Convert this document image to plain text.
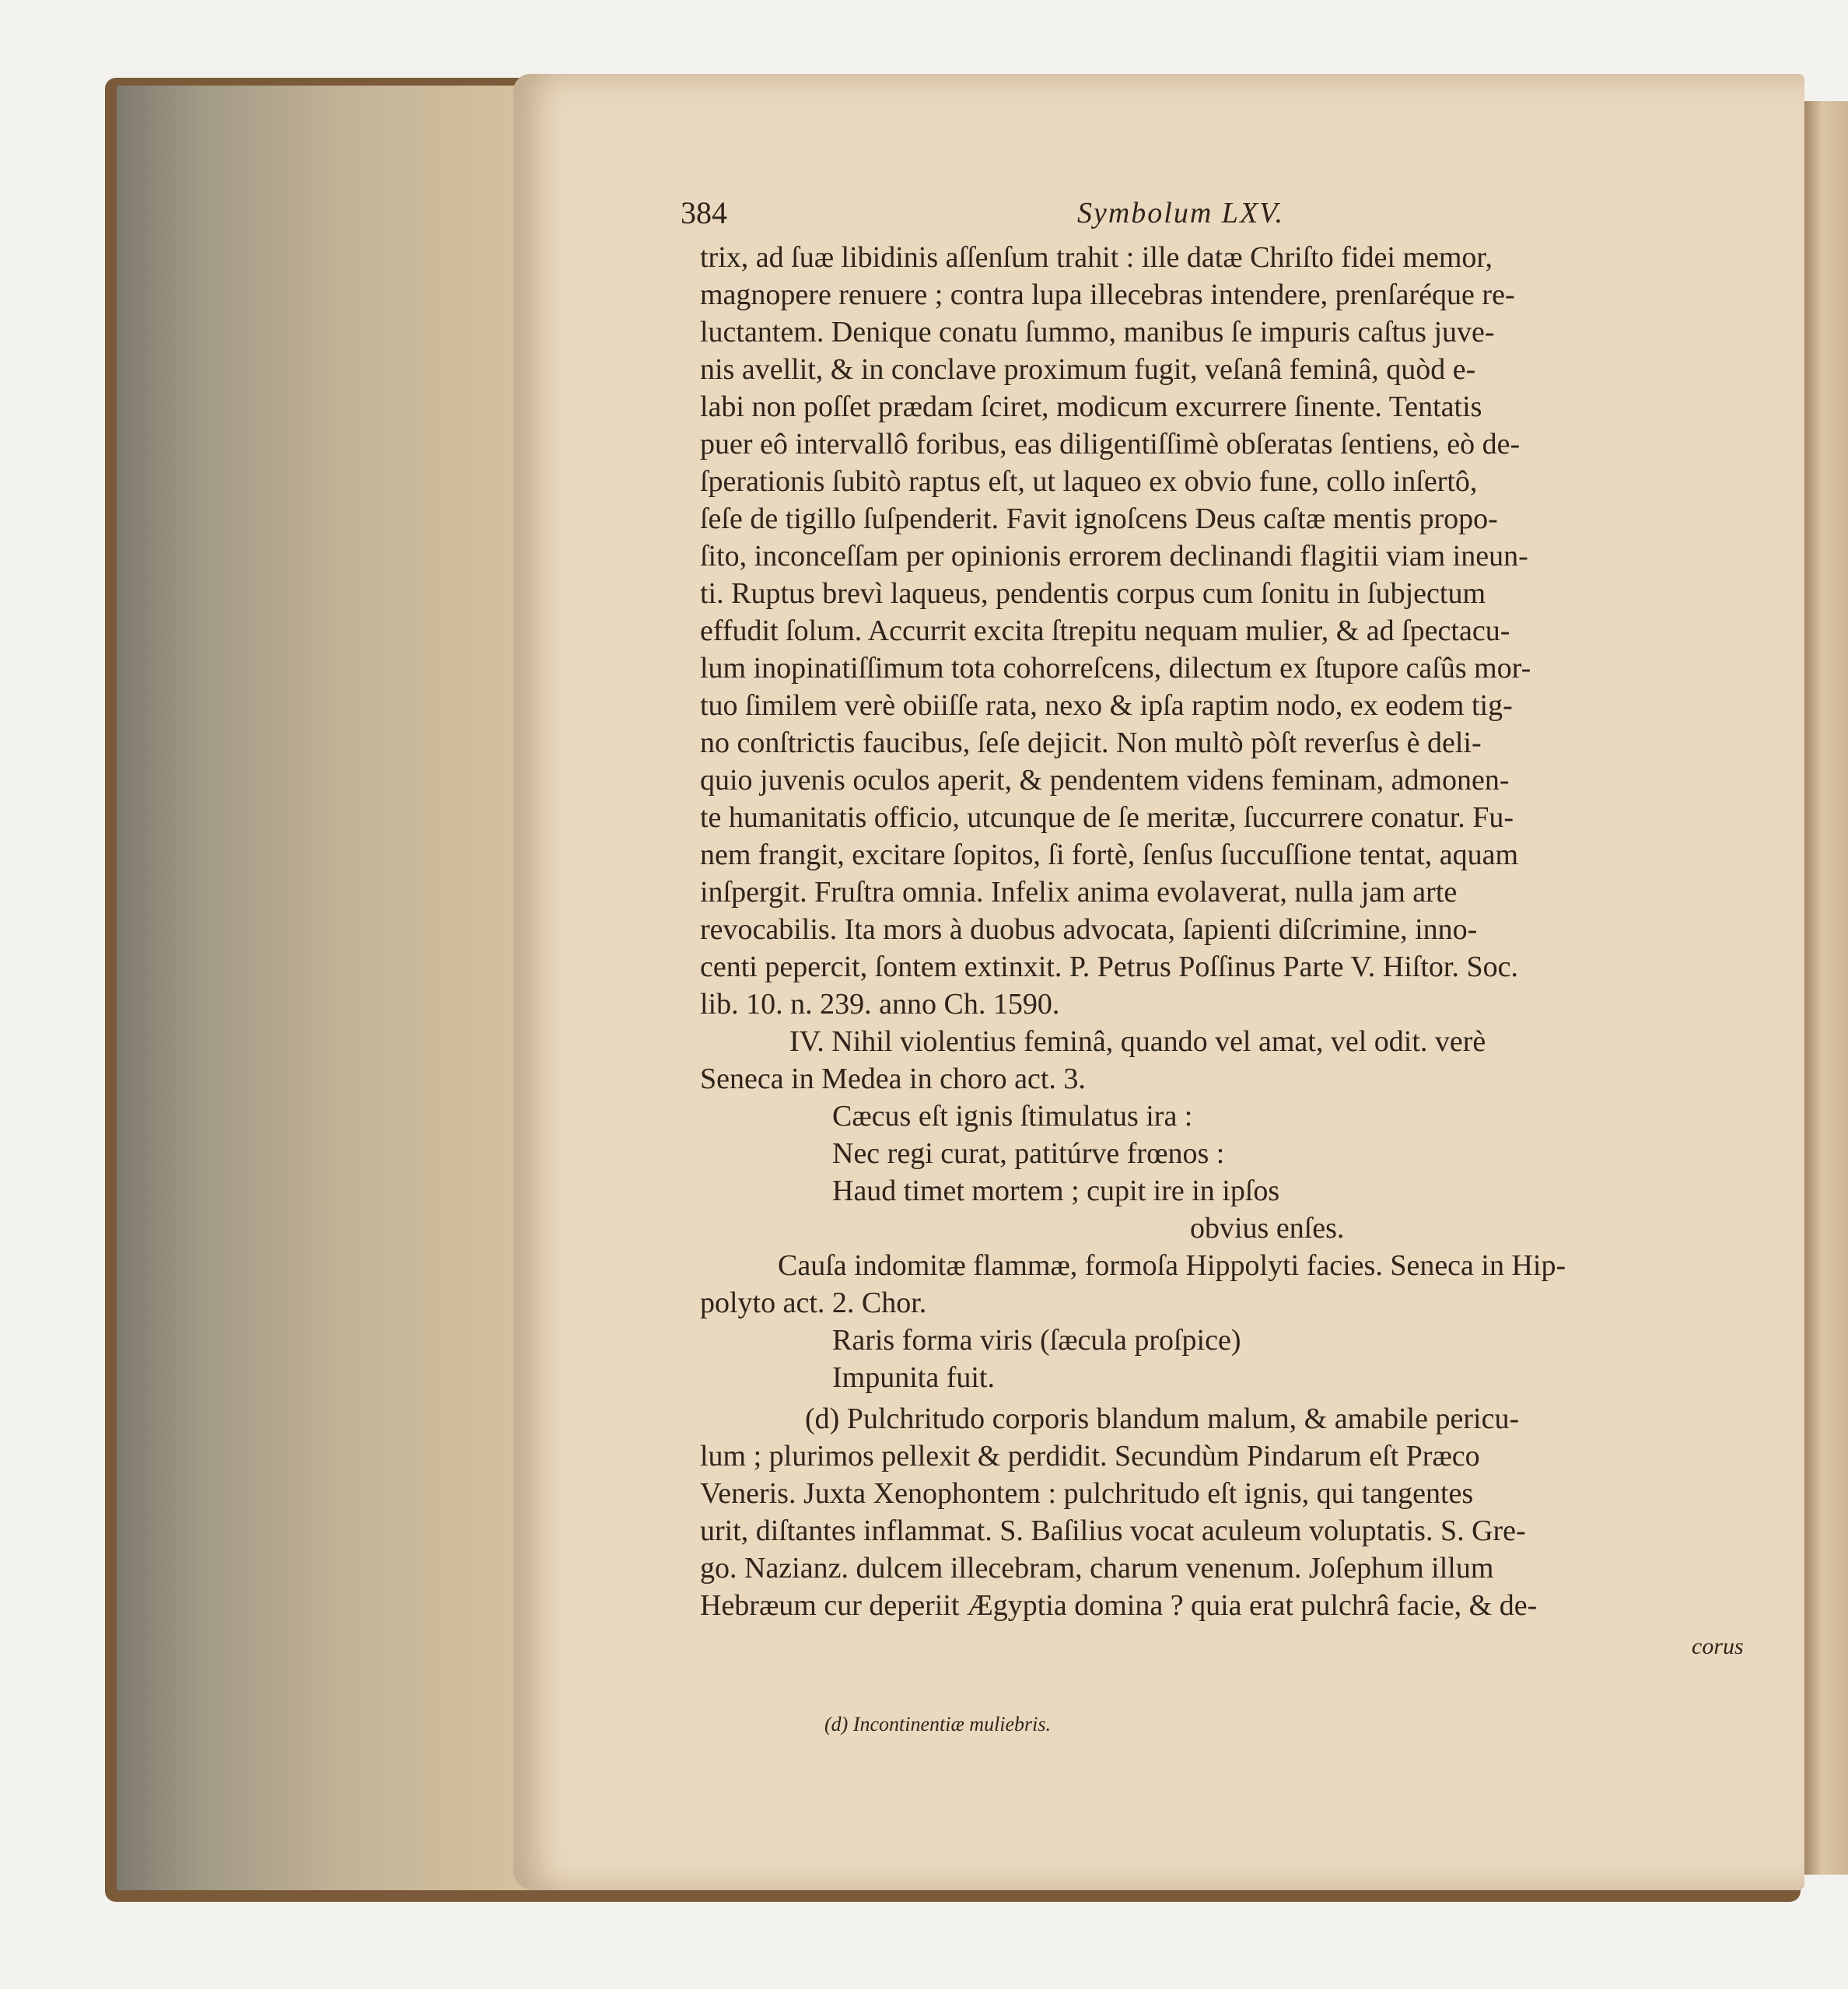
384	Symbolum LXV.
trix, ad ſuæ libidinis aſſenſum trahit : ille datæ Chriſto fidei memor,
magnopere renuere ; contra lupa illecebras intendere, prenſaréque re-
luctantem. Denique conatu ſummo, manibus ſe impuris caſtus juve-
nis avellit, & in conclave proximum fugit, veſanâ feminâ, quòd e-
labi non poſſet prædam ſciret, modicum excurrere ſinente. Tentatis
puer eô intervallô foribus, eas diligentiſſimè obſeratas ſentiens, eò de-
ſperationis ſubitò raptus eſt, ut laqueo ex obvio fune, collo inſertô,
ſeſe de tigillo ſuſpenderit. Favit ignoſcens Deus caſtæ mentis propo-
ſito, inconceſſam per opinionis errorem declinandi flagitii viam ineun-
ti. Ruptus brevì laqueus, pendentis corpus cum ſonitu in ſubjectum
effudit ſolum. Accurrit excita ſtrepitu nequam mulier, & ad ſpectacu-
lum inopinatiſſimum tota cohorreſcens, dilectum ex ſtupore caſûs mor-
tuo ſimilem verè obiiſſe rata, nexo & ipſa raptim nodo, ex eodem tig-
no conſtrictis faucibus, ſeſe dejicit. Non multò pòſt reverſus è deli-
quio juvenis oculos aperit, & pendentem videns feminam, admonen-
te humanitatis officio, utcunque de ſe meritæ, ſuccurrere conatur. Fu-
nem frangit, excitare ſopitos, ſi fortè, ſenſus ſuccuſſione tentat, aquam
inſpergit. Fruſtra omnia. Infelix anima evolaverat, nulla jam arte
revocabilis. Ita mors à duobus advocata, ſapienti diſcrimine, inno-
centi pepercit, ſontem extinxit. P. Petrus Poſſinus Parte V. Hiſtor. Soc.
lib. 10. n. 239. anno Ch. 1590.
IV. Nihil violentius feminâ, quando vel amat, vel odit. verè
Seneca in Medea in choro act. 3.
Cæcus eſt ignis ſtimulatus ira :
Nec regi curat, patitúrve frœnos :
Haud timet mortem ; cupit ire in ipſos
obvius enſes.
Cauſa indomitæ flammæ, formoſa Hippolyti facies. Seneca in Hip-
polyto act. 2. Chor.
Raris forma viris (ſæcula proſpice)
Impunita fuit.
(d) Pulchritudo corporis blandum malum, & amabile pericu-
lum ; plurimos pellexit & perdidit. Secundùm Pindarum eſt Præco
Veneris. Juxta Xenophontem : pulchritudo eſt ignis, qui tangentes
urit, diſtantes inflammat. S. Baſilius vocat aculeum voluptatis. S. Gre-
go. Nazianz. dulcem illecebram, charum venenum. Joſephum illum
Hebræum cur deperiit Ægyptia domina ? quia erat pulchrâ facie, & de-
corus
(d) Incontinentiæ muliebris.
